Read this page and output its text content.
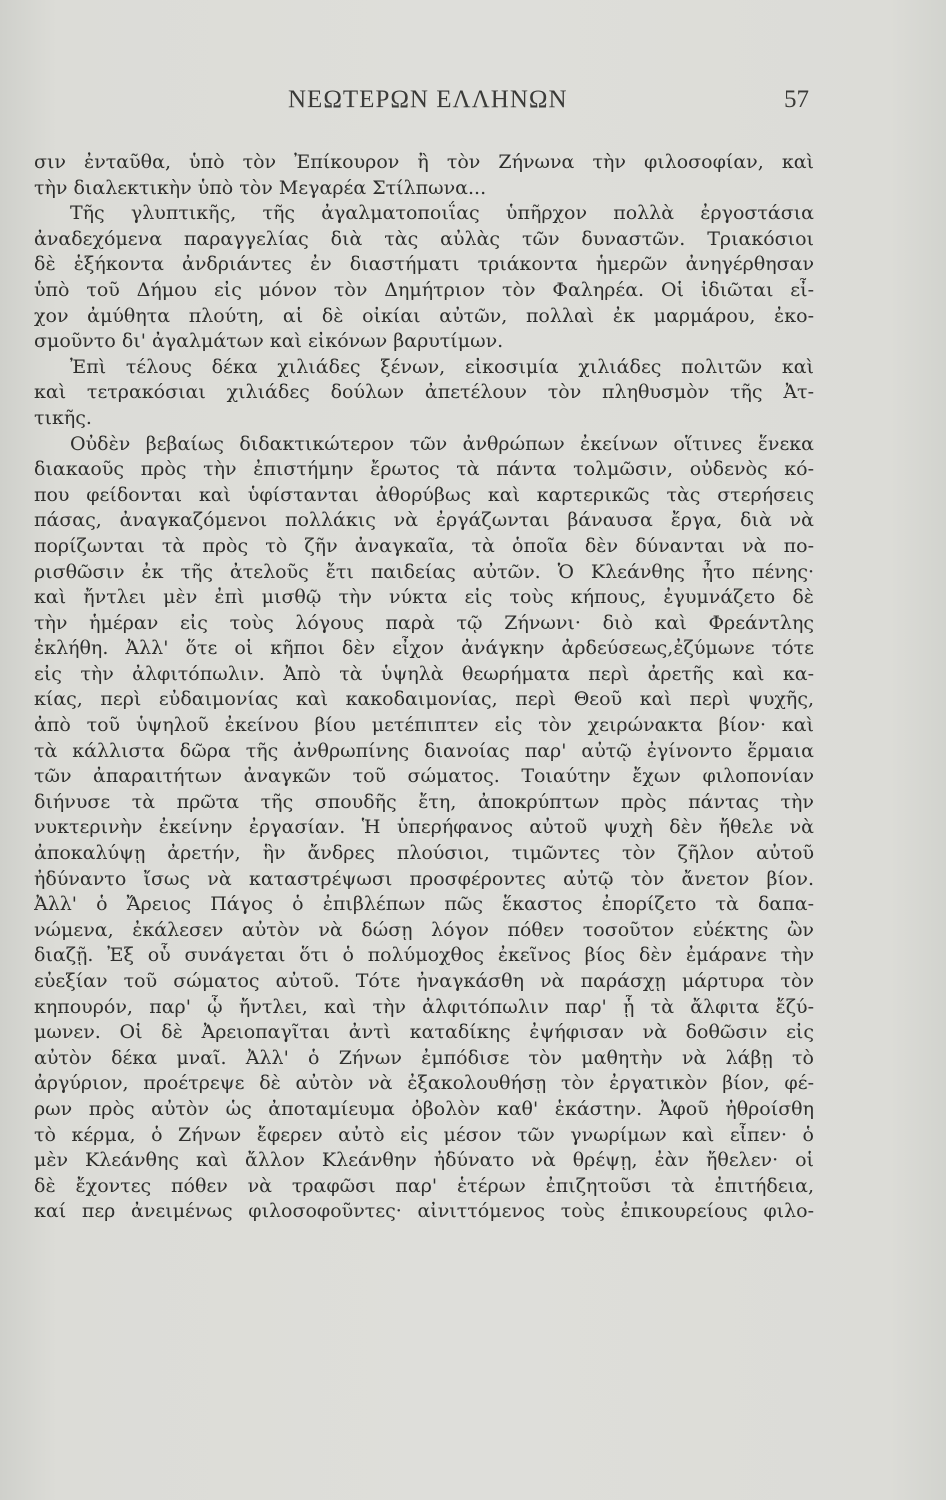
ΝΕΩΤΕΡΩΝ ΕΛΛΗΝΩΝ	57
σιν ἐνταῦθα, ὑπὸ τὸν Ἐπίκουρον ἢ τὸν Ζήνωνα τὴν φιλοσοφίαν, καὶ
τὴν διαλεκτικὴν ὑπὸ τὸν Μεγαρέα Στίλπωνα...
Τῆς γλυπτικῆς, τῆς ἀγαλματοποιΐας ὑπῆρχον πολλὰ ἐργοστάσια
ἀναδεχόμενα παραγγελίας διὰ τὰς αὐλὰς τῶν δυναστῶν. Τριακόσιοι
δὲ ἑξήκοντα ἀνδριάντες ἐν διαστήματι τριάκοντα ἡμερῶν ἀνηγέρθησαν
ὑπὸ τοῦ Δήμου εἰς μόνον τὸν Δημήτριον τὸν Φαληρέα. Οἱ ἰδιῶται εἶ-
χον ἀμύθητα πλούτη, αἱ δὲ οἰκίαι αὐτῶν, πολλαὶ ἐκ μαρμάρου, ἐκο-
σμοῦντο δι' ἀγαλμάτων καὶ εἰκόνων βαρυτίμων.
Ἐπὶ τέλους δέκα χιλιάδες ξένων, εἰκοσιμία χιλιάδες πολιτῶν καὶ
καὶ τετρακόσιαι χιλιάδες δούλων ἀπετέλουν τὸν πληθυσμὸν τῆς Ἀτ-
τικῆς.
Οὐδὲν βεβαίως διδακτικώτερον τῶν ἀνθρώπων ἐκείνων οἵτινες ἕνεκα
διακαοῦς πρὸς τὴν ἐπιστήμην ἔρωτος τὰ πάντα τολμῶσιν, οὐδενὸς κό-
που φείδονται καὶ ὑφίστανται ἀθορύβως καὶ καρτερικῶς τὰς στερήσεις
πάσας, ἀναγκαζόμενοι πολλάκις νὰ ἐργάζωνται βάναυσα ἔργα, διὰ νὰ
πορίζωνται τὰ πρὸς τὸ ζῆν ἀναγκαῖα, τὰ ὁποῖα δὲν δύνανται νὰ πο-
ρισθῶσιν ἐκ τῆς ἀτελοῦς ἔτι παιδείας αὐτῶν. Ὁ Κλεάνθης ἦτο πένης·
καὶ ἤντλει μὲν ἐπὶ μισθῷ τὴν νύκτα εἰς τοὺς κήπους, ἐγυμνάζετο δὲ
τὴν ἡμέραν εἰς τοὺς λόγους παρὰ τῷ Ζήνωνι· διὸ καὶ Φρεάντλης
ἐκλήθη. Ἀλλ' ὅτε οἱ κῆποι δὲν εἶχον ἀνάγκην ἀρδεύσεως,ἐζύμωνε τότε
εἰς τὴν ἀλφιτόπωλιν. Ἀπὸ τὰ ὑψηλὰ θεωρήματα περὶ ἀρετῆς καὶ κα-
κίας, περὶ εὐδαιμονίας καὶ κακοδαιμονίας, περὶ Θεοῦ καὶ περὶ ψυχῆς,
ἀπὸ τοῦ ὑψηλοῦ ἐκείνου βίου μετέπιπτεν εἰς τὸν χειρώνακτα βίον· καὶ
τὰ κάλλιστα δῶρα τῆς ἀνθρωπίνης διανοίας παρ' αὐτῷ ἐγίνοντο ἕρμαια
τῶν ἀπαραιτήτων ἀναγκῶν τοῦ σώματος. Τοιαύτην ἔχων φιλοπονίαν
διήνυσε τὰ πρῶτα τῆς σπουδῆς ἔτη, ἀποκρύπτων πρὸς πάντας τὴν
νυκτερινὴν ἐκείνην ἐργασίαν. Ἡ ὑπερήφανος αὐτοῦ ψυχὴ δὲν ἤθελε νὰ
ἀποκαλύψῃ ἀρετήν, ἣν ἄνδρες πλούσιοι, τιμῶντες τὸν ζῆλον αὐτοῦ
ἠδύναντο ἴσως νὰ καταστρέψωσι προσφέροντες αὐτῷ τὸν ἄνετον βίον.
Ἀλλ' ὁ Ἄρειος Πάγος ὁ ἐπιβλέπων πῶς ἕκαστος ἐπορίζετο τὰ δαπα-
νώμενα, ἐκάλεσεν αὐτὸν νὰ δώσῃ λόγον πόθεν τοσοῦτον εὐέκτης ὢν
διαζῇ. Ἐξ οὗ συνάγεται ὅτι ὁ πολύμοχθος ἐκεῖνος βίος δὲν ἐμάρανε τὴν
εὐεξίαν τοῦ σώματος αὐτοῦ. Τότε ἠναγκάσθη νὰ παράσχῃ μάρτυρα τὸν
κηπουρόν, παρ' ᾧ ἤντλει, καὶ τὴν ἀλφιτόπωλιν παρ' ᾗ τὰ ἄλφιτα ἔζύ-
μωνεν. Οἱ δὲ Ἀρειοπαγῖται ἀντὶ καταδίκης ἐψήφισαν νὰ δοθῶσιν εἰς
αὐτὸν δέκα μναῖ. Ἀλλ' ὁ Ζήνων ἐμπόδισε τὸν μαθητὴν νὰ λάβῃ τὸ
ἀργύριον, προέτρεψε δὲ αὐτὸν νὰ ἐξακολουθήσῃ τὸν ἐργατικὸν βίον, φέ-
ρων πρὸς αὐτὸν ὡς ἀποταμίευμα ὀβολὸν καθ' ἑκάστην. Ἀφοῦ ἠθροίσθη
τὸ κέρμα, ὁ Ζήνων ἔφερεν αὐτὸ εἰς μέσον τῶν γνωρίμων καὶ εἶπεν· ὁ
μὲν Κλεάνθης καὶ ἄλλον Κλεάνθην ἠδύνατο νὰ θρέψῃ, ἐὰν ἤθελεν· οἱ
δὲ ἔχοντες πόθεν νὰ τραφῶσι παρ' ἑτέρων ἐπιζητοῦσι τὰ ἐπιτήδεια,
καί περ ἀνειμένως φιλοσοφοῦντες· αἰνιττόμενος τοὺς ἐπικουρείους φιλο-
